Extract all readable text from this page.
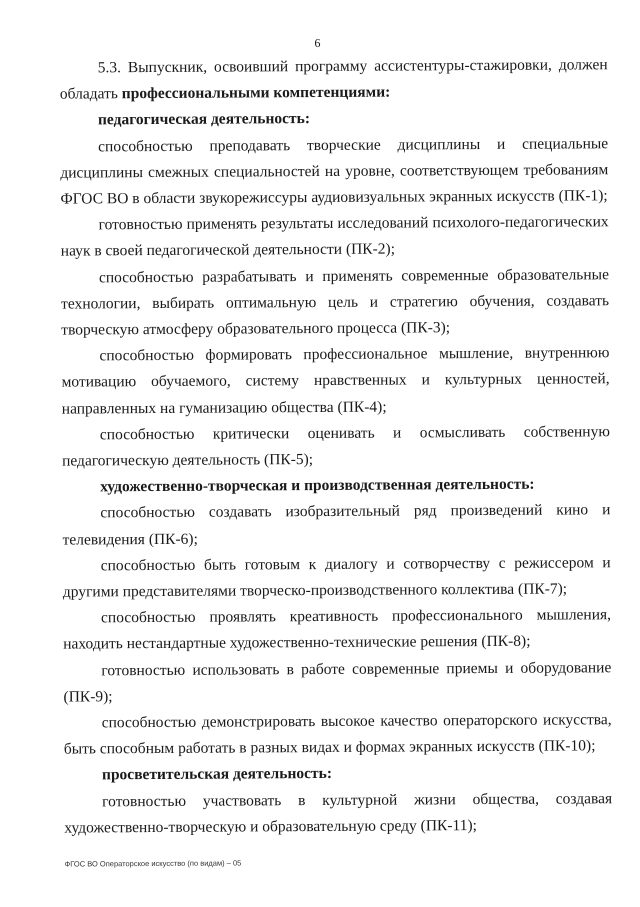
6

5.3. Выпускник, освоивший программу ассистентуры-стажировки, должен обладать профессиональными компетенциями:

педагогическая деятельность:

способностью преподавать творческие дисциплины и специальные дисциплины смежных специальностей на уровне, соответствующем требованиям ФГОС ВО в области звукорежиссуры аудиовизуальных экранных искусств (ПК-1);

готовностью применять результаты исследований психолого-педагогических наук в своей педагогической деятельности (ПК-2);

способностью разрабатывать и применять современные образовательные технологии, выбирать оптимальную цель и стратегию обучения, создавать творческую атмосферу образовательного процесса (ПК-3);

способностью формировать профессиональное мышление, внутреннюю мотивацию обучаемого, систему нравственных и культурных ценностей, направленных на гуманизацию общества (ПК-4);

способностью критически оценивать и осмысливать собственную педагогическую деятельность (ПК-5);

художественно-творческая и производственная деятельность:

способностью создавать изобразительный ряд произведений кино и телевидения (ПК-6);

способностью быть готовым к диалогу и сотворчеству с режиссером и другими представителями творческо-производственного коллектива (ПК-7);

способностью проявлять креативность профессионального мышления, находить нестандартные художественно-технические решения (ПК-8);

готовностью использовать в работе современные приемы и оборудование (ПК-9);

способностью демонстрировать высокое качество операторского искусства, быть способным работать в разных видах и формах экранных искусств (ПК-10);

просветительская деятельность:

готовностью участвовать в культурной жизни общества, создавая художественно-творческую и образовательную среду (ПК-11);

ФГОС ВО Операторское искусство (по видам) – 05
